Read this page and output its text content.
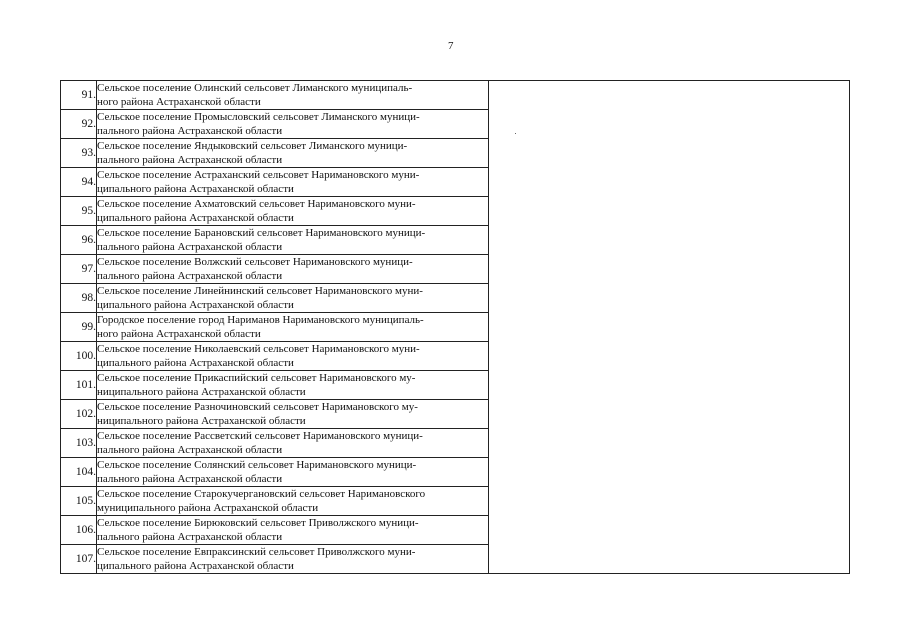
7
91.	Сельское поселение Олинский сельсовет Лиманского муниципаль-
ного района Астраханской области	

92.	Сельское поселение Промысловский сельсовет Лиманского муници-
пального района Астраханской области	

93.	Сельское поселение Яндыковский сельсовет Лиманского муници-
пального района Астраханской области	

94.	Сельское поселение Астраханский сельсовет Наримановского муни-
ципального района Астраханской области	

95.	Сельское поселение Ахматовский сельсовет Наримановского муни-
ципального района Астраханской области	

96.	Сельское поселение Барановский сельсовет Наримановского муници-
пального района Астраханской области	

97.	Сельское поселение Волжский сельсовет Наримановского муници-
пального района Астраханской области	

98.	Сельское поселение Линейнинский сельсовет Наримановского муни-
ципального района Астраханской области	

99.	Городское поселение город Нариманов Наримановского муниципаль-
ного района Астраханской области	

100.	Сельское поселение Николаевский сельсовет Наримановского муни-
ципального района Астраханской области	

101.	Сельское поселение Прикаспийский сельсовет Наримановского му-
ниципального района Астраханской области	

102.	Сельское поселение Разночиновский сельсовет Наримановского му-
ниципального района Астраханской области	

103.	Сельское поселение Рассветский сельсовет Наримановского муници-
пального района Астраханской области	

104.	Сельское поселение Солянский сельсовет Наримановского муници-
пального района Астраханской области	

105.	Сельское поселение Старокучергановский сельсовет Наримановского
муниципального района Астраханской области	

106.	Сельское поселение Бирюковский сельсовет Приволжского муници-
пального района Астраханской области	

107.	Сельское поселение Евпраксинский сельсовет Приволжского муни-
ципального района Астраханской области	
